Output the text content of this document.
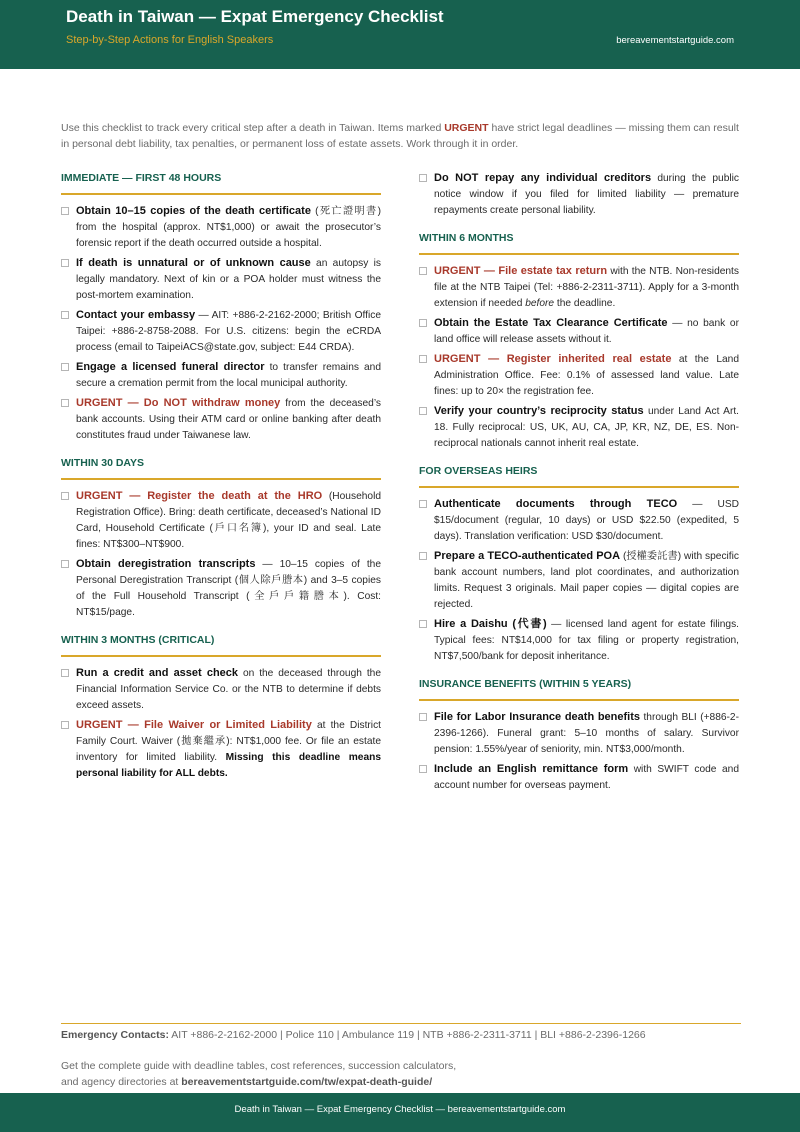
Death in Taiwan — Expat Emergency Checklist
Step-by-Step Actions for English Speakers	bereavementstartguide.com
Use this checklist to track every critical step after a death in Taiwan. Items marked URGENT have strict legal deadlines — missing them can result in personal debt liability, tax penalties, or permanent loss of estate assets. Work through it in order.
IMMEDIATE — FIRST 48 HOURS
Obtain 10–15 copies of the death certificate (死亡證明書) from the hospital (approx. NT$1,000) or await the prosecutor’s forensic report if the death occurred outside a hospital.
If death is unnatural or of unknown cause an autopsy is legally mandatory. Next of kin or a POA holder must witness the post-mortem examination.
Contact your embassy — AIT: +886-2-2162-2000; British Office Taipei: +886-2-8758-2088. For U.S. citizens: begin the eCRDA process (email to TaipeiACS@state.gov, subject: E44 CRDA).
Engage a licensed funeral director to transfer remains and secure a cremation permit from the local municipal authority.
URGENT — Do NOT withdraw money from the deceased’s bank accounts. Using their ATM card or online banking after death constitutes fraud under Taiwanese law.
WITHIN 30 DAYS
URGENT — Register the death at the HRO (Household Registration Office). Bring: death certificate, deceased’s National ID Card, Household Certificate (戶口名簿), your ID and seal. Late fines: NT$300–NT$900.
Obtain deregistration transcripts — 10–15 copies of the Personal Deregistration Transcript (個人除戶謄本) and 3–5 copies of the Full Household Transcript (全戶戶籍謄本). Cost: NT$15/page.
WITHIN 3 MONTHS (CRITICAL)
Run a credit and asset check on the deceased through the Financial Information Service Co. or the NTB to determine if debts exceed assets.
URGENT — File Waiver or Limited Liability at the District Family Court. Waiver (拋棄繼承): NT$1,000 fee. Or file an estate inventory for limited liability. Missing this deadline means personal liability for ALL debts.
Do NOT repay any individual creditors during the public notice window if you filed for limited liability — premature repayments create personal liability.
WITHIN 6 MONTHS
URGENT — File estate tax return with the NTB. Non-residents file at the NTB Taipei (Tel: +886-2-2311-3711). Apply for a 3-month extension if needed before the deadline.
Obtain the Estate Tax Clearance Certificate — no bank or land office will release assets without it.
URGENT — Register inherited real estate at the Land Administration Office. Fee: 0.1% of assessed land value. Late fines: up to 20× the registration fee.
Verify your country’s reciprocity status under Land Act Art. 18. Fully reciprocal: US, UK, AU, CA, JP, KR, NZ, DE, ES. Non-reciprocal nationals cannot inherit real estate.
FOR OVERSEAS HEIRS
Authenticate documents through TECO — USD $15/document (regular, 10 days) or USD $22.50 (expedited, 5 days). Translation verification: USD $30/document.
Prepare a TECO-authenticated POA (授權委託書) with specific bank account numbers, land plot coordinates, and authorization limits. Request 3 originals. Mail paper copies — digital copies are rejected.
Hire a Daishu (代書) — licensed land agent for estate filings. Typical fees: NT$14,000 for tax filing or property registration, NT$7,500/bank for deposit inheritance.
INSURANCE BENEFITS (WITHIN 5 YEARS)
File for Labor Insurance death benefits through BLI (+886-2-2396-1266). Funeral grant: 5–10 months of salary. Survivor pension: 1.55%/year of seniority, min. NT$3,000/month.
Include an English remittance form with SWIFT code and account number for overseas payment.
Emergency Contacts: AIT +886-2-2162-2000 | Police 110 | Ambulance 119 | NTB +886-2-2311-3711 | BLI +886-2-2396-1266
Get the complete guide with deadline tables, cost references, succession calculators,
and agency directories at bereavementstartguide.com/tw/expat-death-guide/
Death in Taiwan — Expat Emergency Checklist — bereavementstartguide.com
